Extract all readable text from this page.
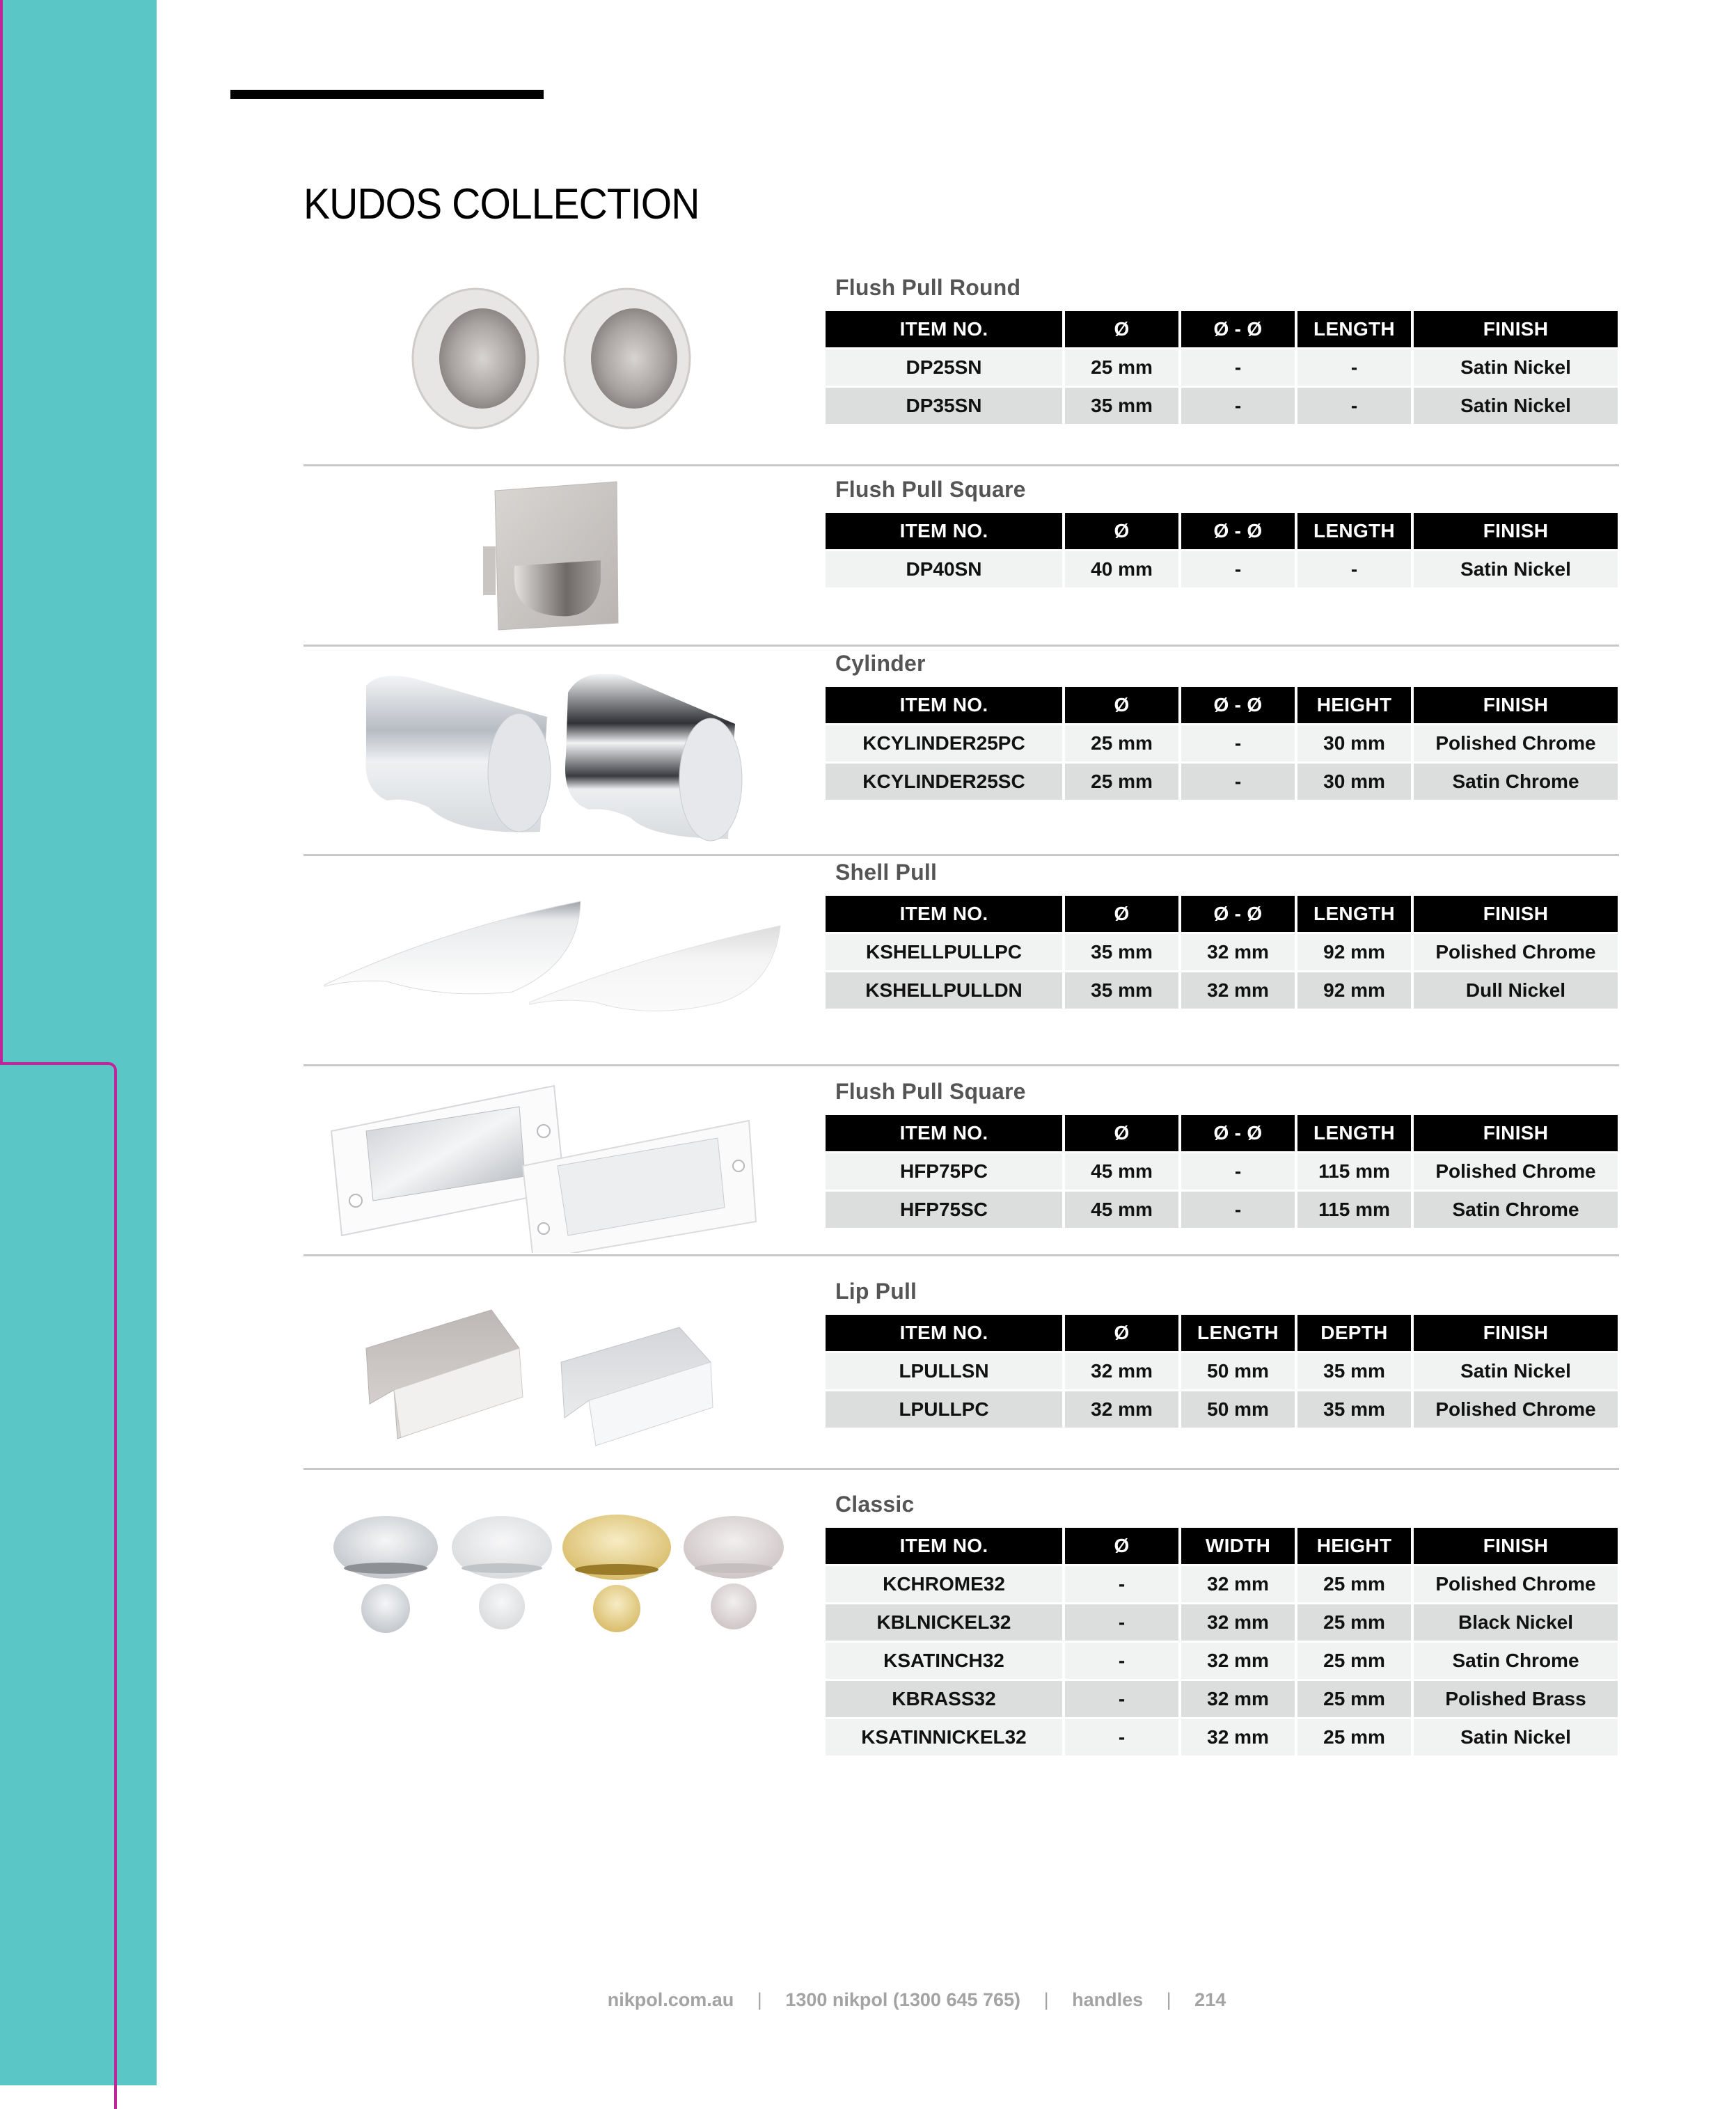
KUDOS COLLECTION
Flush Pull Round
ITEM NO.	Ø	Ø - Ø	LENGTH	FINISH
DP25SN	25 mm	-	-	Satin Nickel
DP35SN	35 mm	-	-	Satin Nickel
Flush Pull Square
ITEM NO.	Ø	Ø - Ø	LENGTH	FINISH
DP40SN	40 mm	-	-	Satin Nickel
Cylinder
ITEM NO.	Ø	Ø - Ø	HEIGHT	FINISH
KCYLINDER25PC	25 mm	-	30 mm	Polished Chrome
KCYLINDER25SC	25 mm	-	30 mm	Satin Chrome
Shell Pull
ITEM NO.	Ø	Ø - Ø	LENGTH	FINISH
KSHELLPULLPC	35 mm	32 mm	92 mm	Polished Chrome
KSHELLPULLDN	35 mm	32 mm	92 mm	Dull Nickel
Flush Pull Square
ITEM NO.	Ø	Ø - Ø	LENGTH	FINISH
HFP75PC	45 mm	-	115 mm	Polished Chrome
HFP75SC	45 mm	-	115 mm	Satin Chrome
Lip Pull
ITEM NO.	Ø	LENGTH	DEPTH	FINISH
LPULLSN	32 mm	50 mm	35 mm	Satin Nickel
LPULLPC	32 mm	50 mm	35 mm	Polished Chrome
Classic
ITEM NO.	Ø	WIDTH	HEIGHT	FINISH
KCHROME32	-	32 mm	25 mm	Polished Chrome
KBLNICKEL32	-	32 mm	25 mm	Black Nickel
KSATINCH32	-	32 mm	25 mm	Satin Chrome
KBRASS32	-	32 mm	25 mm	Polished Brass
KSATINNICKEL32	-	32 mm	25 mm	Satin Nickel
nikpol.com.au | 1300 nikpol (1300 645 765) | handles | 214
